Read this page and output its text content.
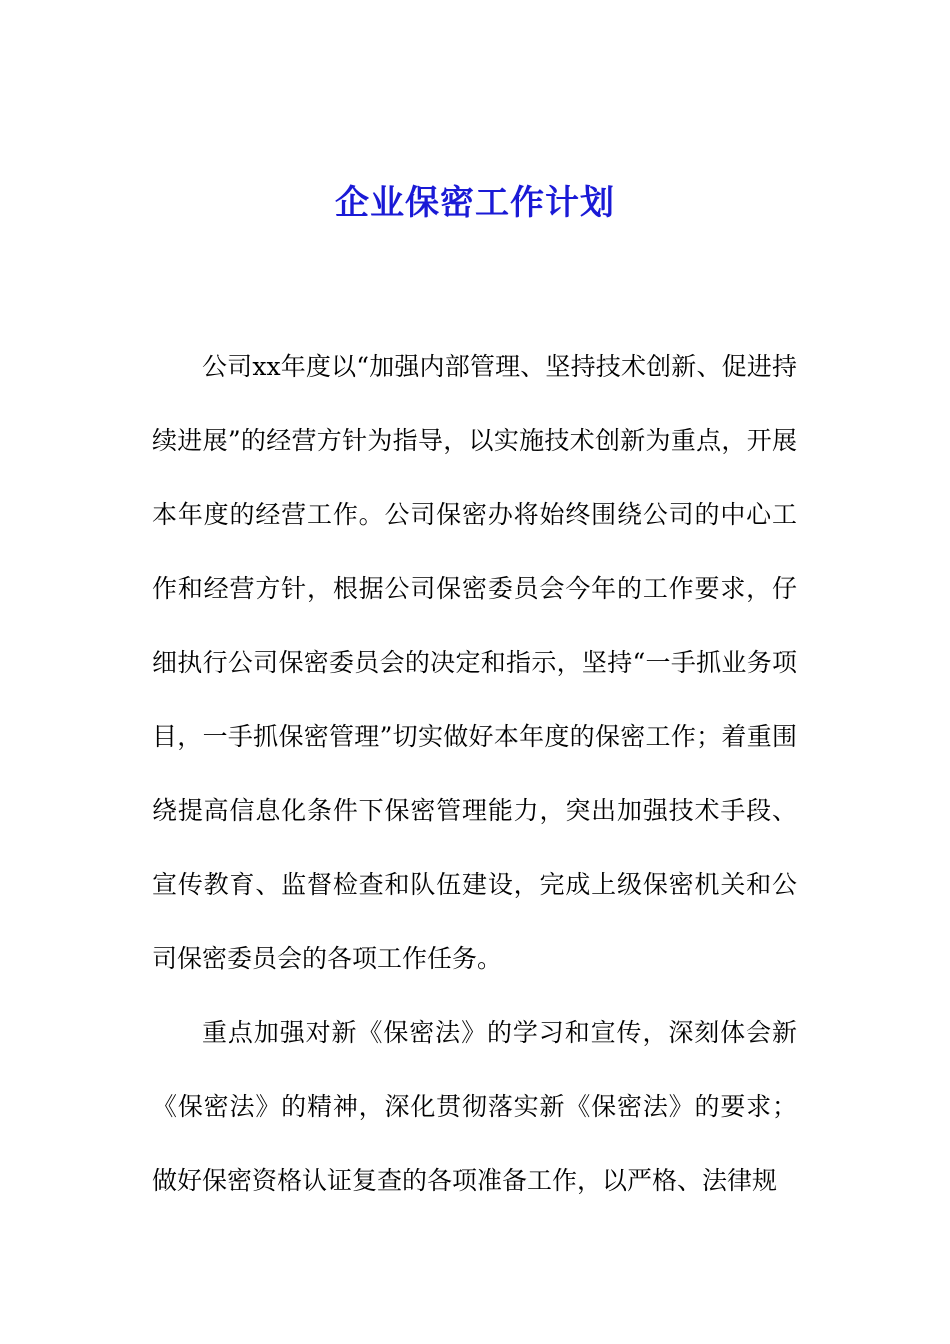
企业保密工作计划

公司xx年度以“加强内部管理、坚持技术创新、促进持续进展”的经营方针为指导，以实施技术创新为重点，开展本年度的经营工作。公司保密办将始终围绕公司的中心工作和经营方针，根据公司保密委员会今年的工作要求，仔细执行公司保密委员会的决定和指示，坚持“一手抓业务项目，一手抓保密管理”切实做好本年度的保密工作；着重围绕提高信息化条件下保密管理能力，突出加强技术手段、宣传教育、监督检查和队伍建设，完成上级保密机关和公司保密委员会的各项工作任务。

重点加强对新《保密法》的学习和宣传，深刻体会新《保密法》的精神，深化贯彻落实新《保密法》的要求；做好保密资格认证复查的各项准备工作，以严格、法律规
